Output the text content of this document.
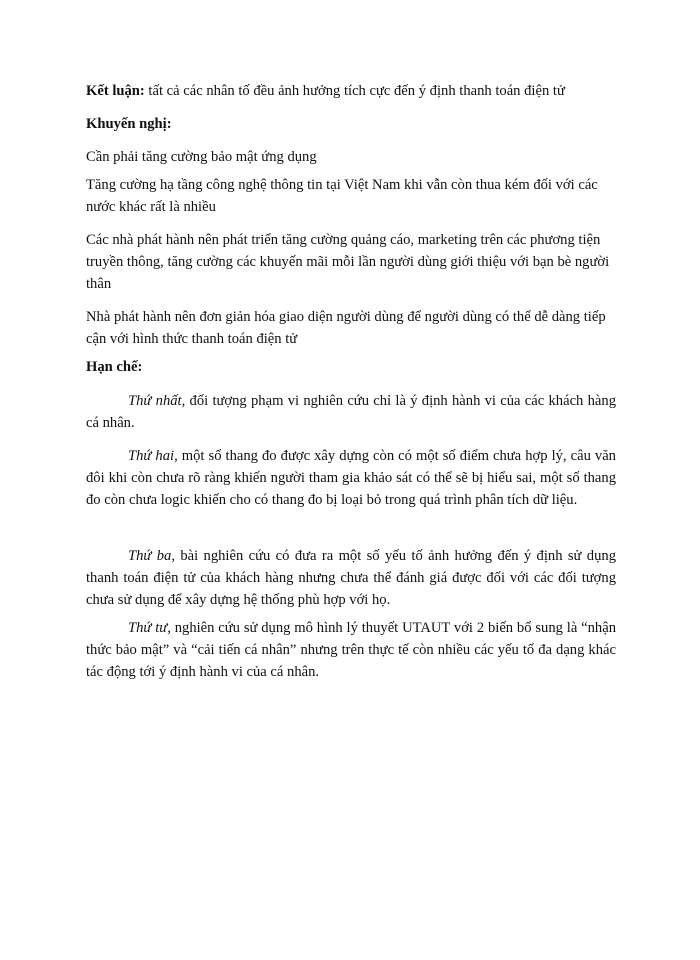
Kết luận: tất cả các nhân tố đều ảnh hưởng tích cực đến ý định thanh toán điện tử

Khuyến nghị:

Cần phải tăng cường bảo mật ứng dụng

Tăng cường hạ tầng công nghệ thông tin tại Việt Nam khi vẫn còn thua kém đối với các nước khác rất là nhiều

Các nhà phát hành nên phát triển tăng cường quảng cáo, marketing trên các phương tiện truyền thông, tăng cường các khuyến mãi mỗi lần người dùng giới thiệu với bạn bè người thân

Nhà phát hành nên đơn giản hóa giao diện người dùng để người dùng có thể dễ dàng tiếp cận với hình thức thanh toán điện tử

Hạn chế:

Thứ nhất, đối tượng phạm vi nghiên cứu chỉ là ý định hành vi của các khách hàng cá nhân.

Thứ hai, một số thang đo được xây dựng còn có một số điểm chưa hợp lý, câu văn đôi khi còn chưa rõ ràng khiến người tham gia khảo sát có thể sẽ bị hiểu sai, một số thang đo còn chưa logic khiến cho có thang đo bị loại bỏ trong quá trình phân tích dữ liệu.

Thứ ba, bài nghiên cứu có đưa ra một số yếu tố ảnh hưởng đến ý định sử dụng thanh toán điện tử của khách hàng nhưng chưa thể đánh giá được đối với các đối tượng chưa sử dụng để xây dựng hệ thống phù hợp với họ.

Thứ tư, nghiên cứu sử dụng mô hình lý thuyết UTAUT với 2 biến bổ sung là “nhận thức bảo mật” và “cải tiến cá nhân” nhưng trên thực tế còn nhiều các yếu tố đa dạng khác tác động tới ý định hành vi của cá nhân.
